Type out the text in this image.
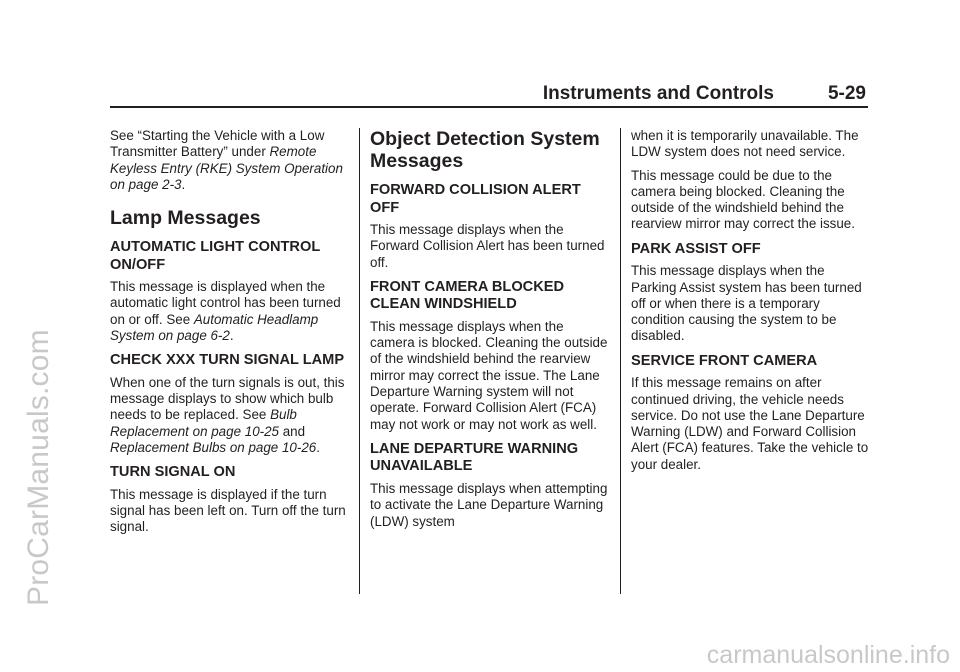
ProCarManuals.com
Instruments and Controls	5-29

See “Starting the Vehicle with a Low Transmitter Battery” under Remote Keyless Entry (RKE) System Operation on page 2-3.

Lamp Messages
AUTOMATIC LIGHT CONTROL ON/OFF

This message is displayed when the automatic light control has been turned on or off. See Automatic Headlamp System on page 6-2.

CHECK XXX TURN SIGNAL LAMP

When one of the turn signals is out, this message displays to show which bulb needs to be replaced. See Bulb Replacement on page 10-25 and Replacement Bulbs on page 10-26.

TURN SIGNAL ON

This message is displayed if the turn signal has been left on. Turn off the turn signal.

Object Detection System Messages
FORWARD COLLISION ALERT OFF

This message displays when the Forward Collision Alert has been turned off.

FRONT CAMERA BLOCKED CLEAN WINDSHIELD

This message displays when the camera is blocked. Cleaning the outside of the windshield behind the rearview mirror may correct the issue. The Lane Departure Warning system will not operate. Forward Collision Alert (FCA) may not work or may not work as well.

LANE DEPARTURE WARNING UNAVAILABLE

This message displays when attempting to activate the Lane Departure Warning (LDW) system

when it is temporarily unavailable. The LDW system does not need service.

This message could be due to the camera being blocked. Cleaning the outside of the windshield behind the rearview mirror may correct the issue.

PARK ASSIST OFF

This message displays when the Parking Assist system has been turned off or when there is a temporary condition causing the system to be disabled.

SERVICE FRONT CAMERA

If this message remains on after continued driving, the vehicle needs service. Do not use the Lane Departure Warning (LDW) and Forward Collision Alert (FCA) features. Take the vehicle to your dealer.

carmanualsonline.info
